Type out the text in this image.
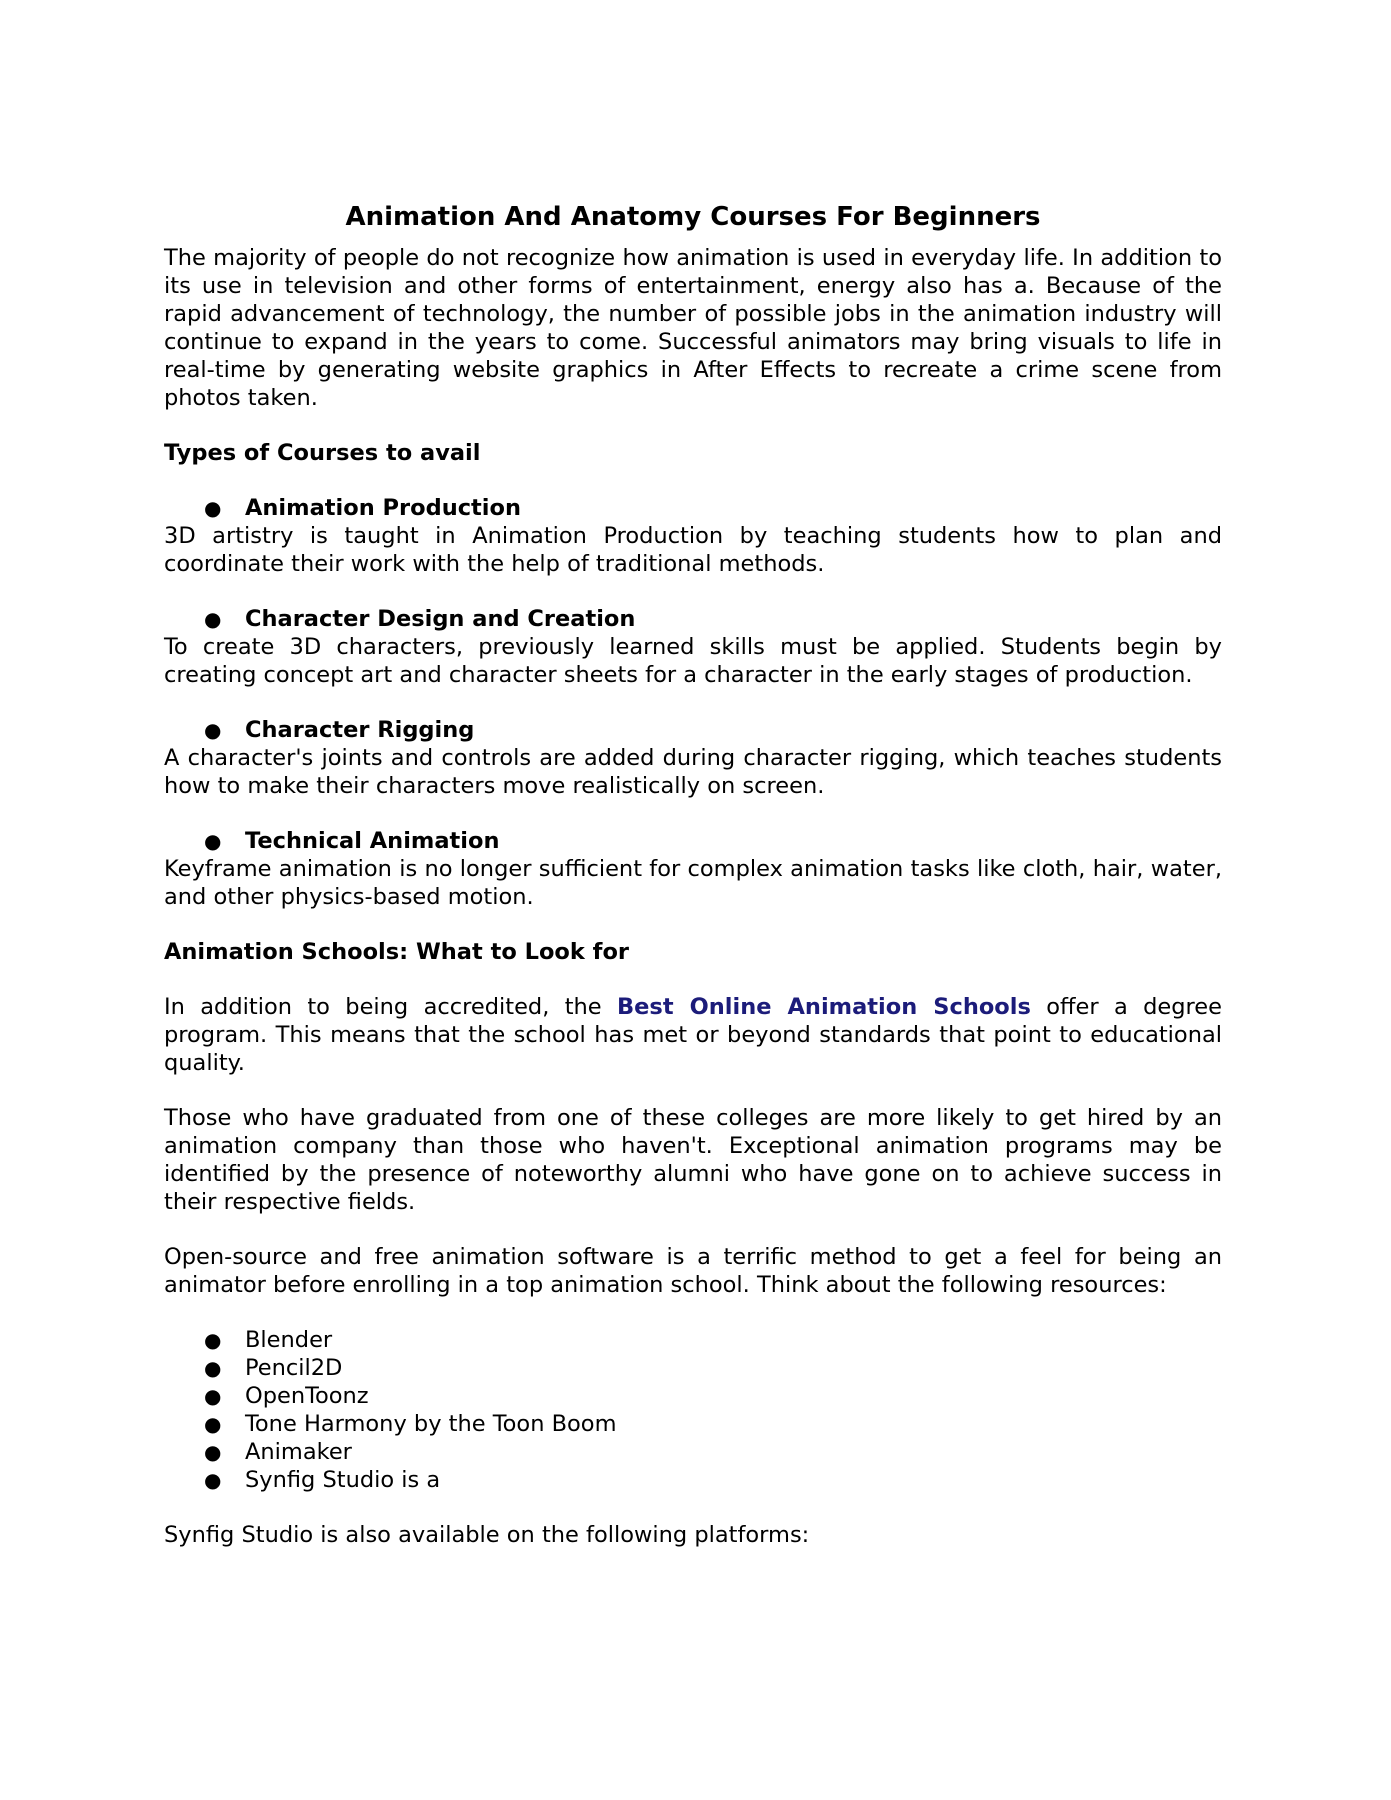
Animation And Anatomy Courses For Beginners

The majority of people do not recognize how animation is used in everyday life. In addition to its use in television and other forms of entertainment, energy also has a. Because of the rapid advancement of technology, the number of possible jobs in the animation industry will continue to expand in the years to come. Successful animators may bring visuals to life in real-time by generating website graphics in After Effects to recreate a crime scene from photos taken.

Types of Courses to avail

●	Animation Production

3D artistry is taught in Animation Production by teaching students how to plan and coordinate their work with the help of traditional methods.

●	Character Design and Creation

To create 3D characters, previously learned skills must be applied. Students begin by creating concept art and character sheets for a character in the early stages of production.

●	Character Rigging

A character's joints and controls are added during character rigging, which teaches students how to make their characters move realistically on screen.

●	Technical Animation

Keyframe animation is no longer sufficient for complex animation tasks like cloth, hair, water, and other physics-based motion.

Animation Schools: What to Look for

In addition to being accredited, the Best Online Animation Schools offer a degree program. This means that the school has met or beyond standards that point to educational quality.

Those who have graduated from one of these colleges are more likely to get hired by an animation company than those who haven't. Exceptional animation programs may be identified by the presence of noteworthy alumni who have gone on to achieve success in their respective fields.

Open-source and free animation software is a terrific method to get a feel for being an animator before enrolling in a top animation school. Think about the following resources:

●	Blender
●	Pencil2D
●	OpenToonz
●	Tone Harmony by the Toon Boom
●	Animaker
●	Synfig Studio is a

Synfig Studio is also available on the following platforms:
